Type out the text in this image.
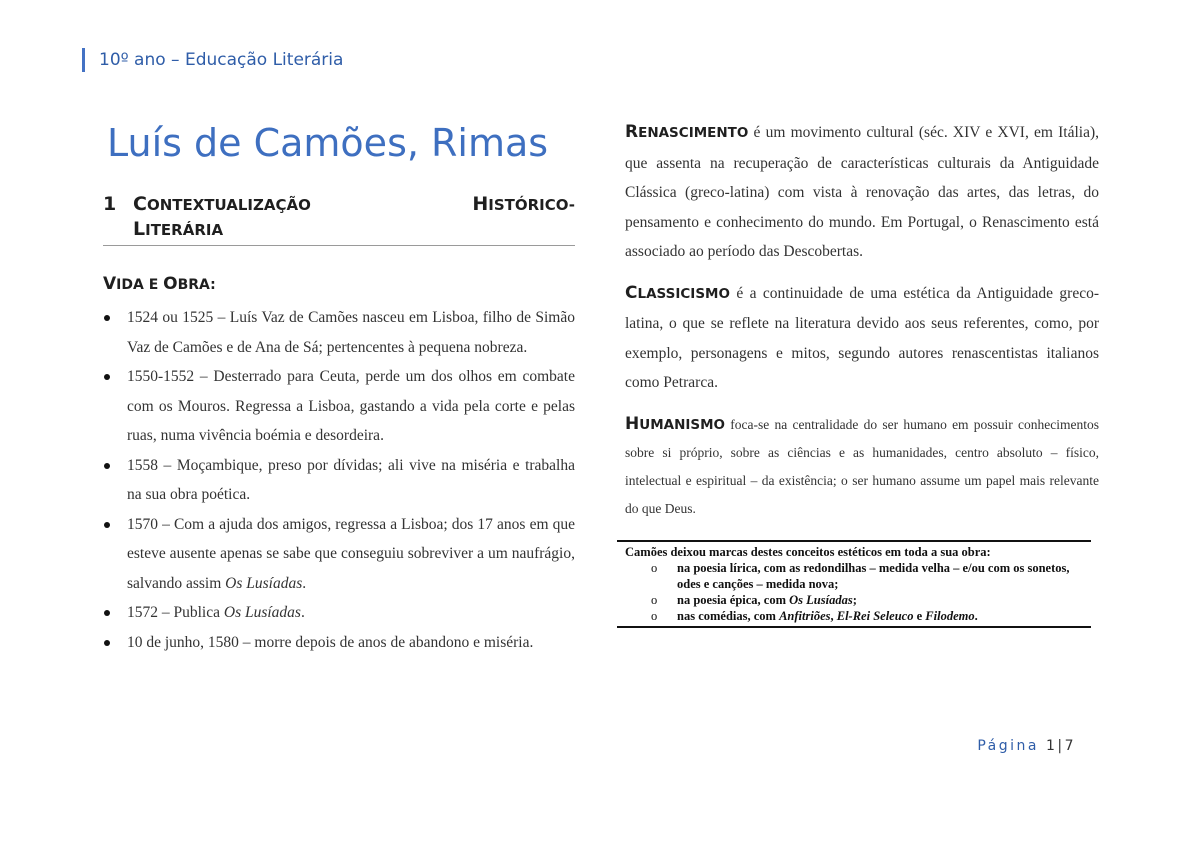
10º ano – Educação Literária
Luís de Camões, Rimas
1 CONTEXTUALIZAÇÃO	HISTÓRICO-
LITERÁRIA
VIDA E OBRA:
1524 ou 1525 – Luís Vaz de Camões nasceu em Lisboa, filho de Simão Vaz de Camões e de Ana de Sá; pertencentes à pequena nobreza.
1550-1552 – Desterrado para Ceuta, perde um dos olhos em combate com os Mouros. Regressa a Lisboa, gastando a vida pela corte e pelas ruas, numa vivência boémia e desordeira.
1558 – Moçambique, preso por dívidas; ali vive na miséria e trabalha na sua obra poética.
1570 – Com a ajuda dos amigos, regressa a Lisboa; dos 17 anos em que esteve ausente apenas se sabe que conseguiu sobreviver a um naufrágio, salvando assim Os Lusíadas.
1572 – Publica Os Lusíadas.
10 de junho, 1580 – morre depois de anos de abandono e miséria.

RENASCIMENTO é um movimento cultural (séc. XIV e XVI, em Itália), que assenta na recuperação de características culturais da Antiguidade Clássica (greco-latina) com vista à renovação das artes, das letras, do pensamento e conhecimento do mundo. Em Portugal, o Renascimento está associado ao período das Descobertas.

CLASSICISMO é a continuidade de uma estética da Antiguidade greco-latina, o que se reflete na literatura devido aos seus referentes, como, por exemplo, personagens e mitos, segundo autores renascentistas italianos como Petrarca.

HUMANISMO foca-se na centralidade do ser humano em possuir conhecimentos sobre si próprio, sobre as ciências e as humanidades, centro absoluto – físico, intelectual e espiritual – da existência; o ser humano assume um papel mais relevante do que Deus.

Camões deixou marcas destes conceitos estéticos em toda a sua obra:
o na poesia lírica, com as redondilhas – medida velha – e/ou com os sonetos, odes e canções – medida nova;
o na poesia épica, com Os Lusíadas;
o nas comédias, com Anfitriões, El-Rei Seleuco e Filodemo.
Página 1|7
